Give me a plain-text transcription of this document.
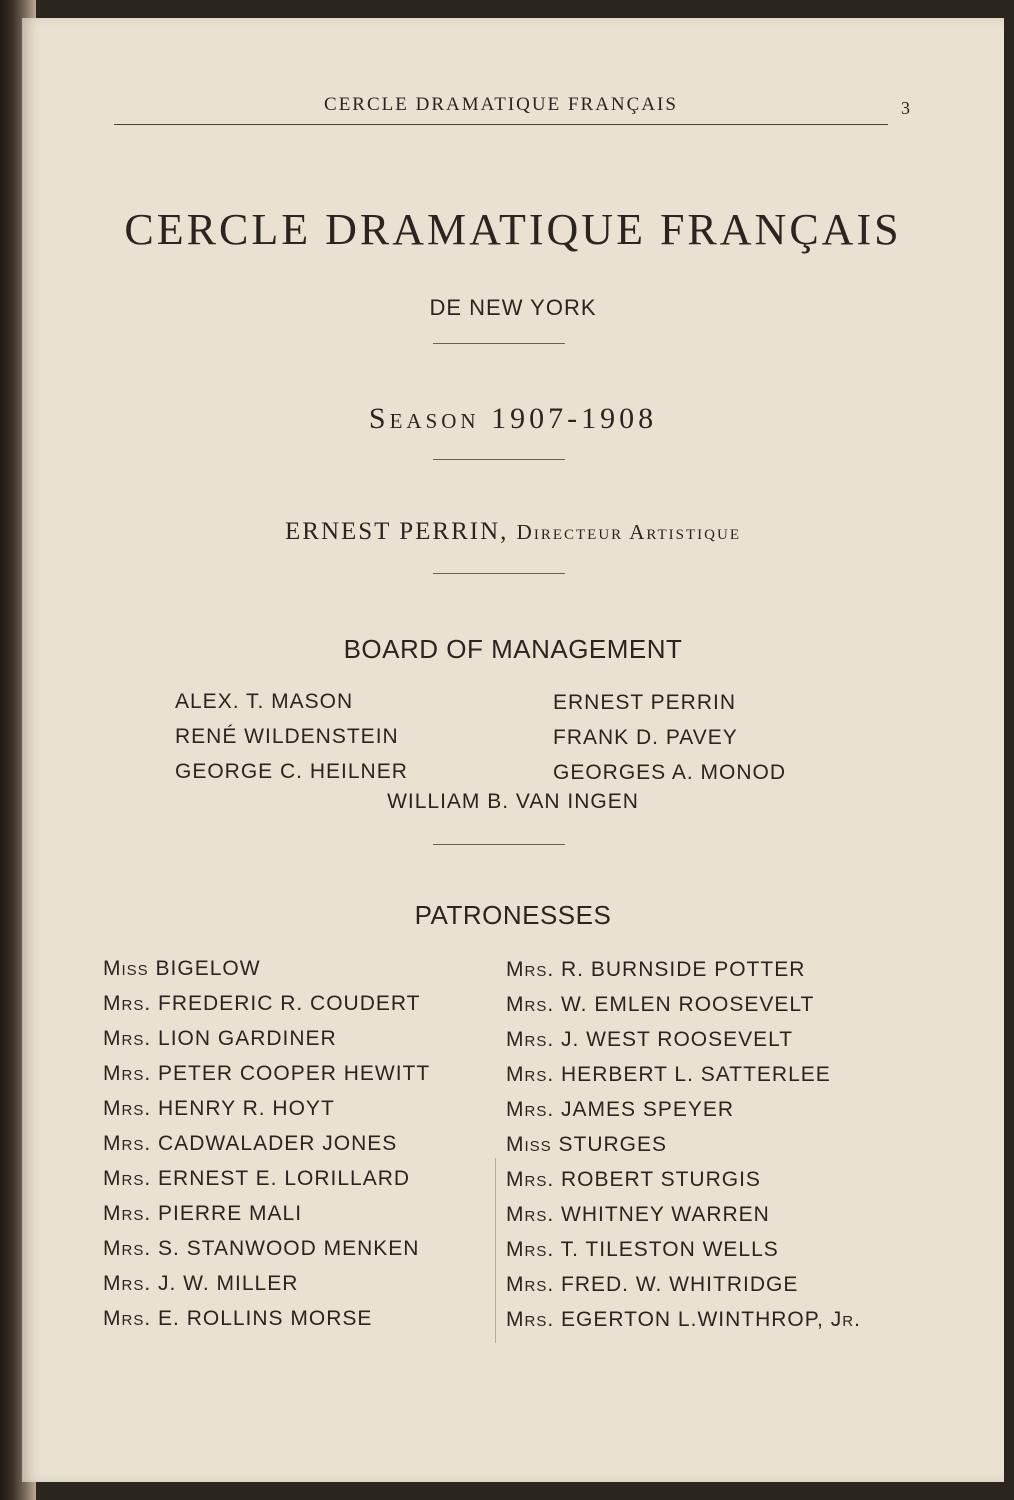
CERCLE DRAMATIQUE FRANÇAIS	3
CERCLE DRAMATIQUE FRANÇAIS
DE NEW YORK
Season 1907-1908
ERNEST PERRIN, Directeur Artistique
BOARD OF MANAGEMENT
ALEX. T. MASON
RENÉ WILDENSTEIN
GEORGE C. HEILNER
ERNEST PERRIN
FRANK D. PAVEY
GEORGES A. MONOD
WILLIAM B. VAN INGEN
PATRONESSES
Miss BIGELOW
Mrs. FREDERIC R. COUDERT
Mrs. LION GARDINER
Mrs. PETER COOPER HEWITT
Mrs. HENRY R. HOYT
Mrs. CADWALADER JONES
Mrs. ERNEST E. LORILLARD
Mrs. PIERRE MALI
Mrs. S. STANWOOD MENKEN
Mrs. J. W. MILLER
Mrs. E. ROLLINS MORSE
Mrs. R. BURNSIDE POTTER
Mrs. W. EMLEN ROOSEVELT
Mrs. J. WEST ROOSEVELT
Mrs. HERBERT L. SATTERLEE
Mrs. JAMES SPEYER
Miss STURGES
Mrs. ROBERT STURGIS
Mrs. WHITNEY WARREN
Mrs. T. TILESTON WELLS
Mrs. FRED. W. WHITRIDGE
Mrs. EGERTON L.WINTHROP, Jr.
